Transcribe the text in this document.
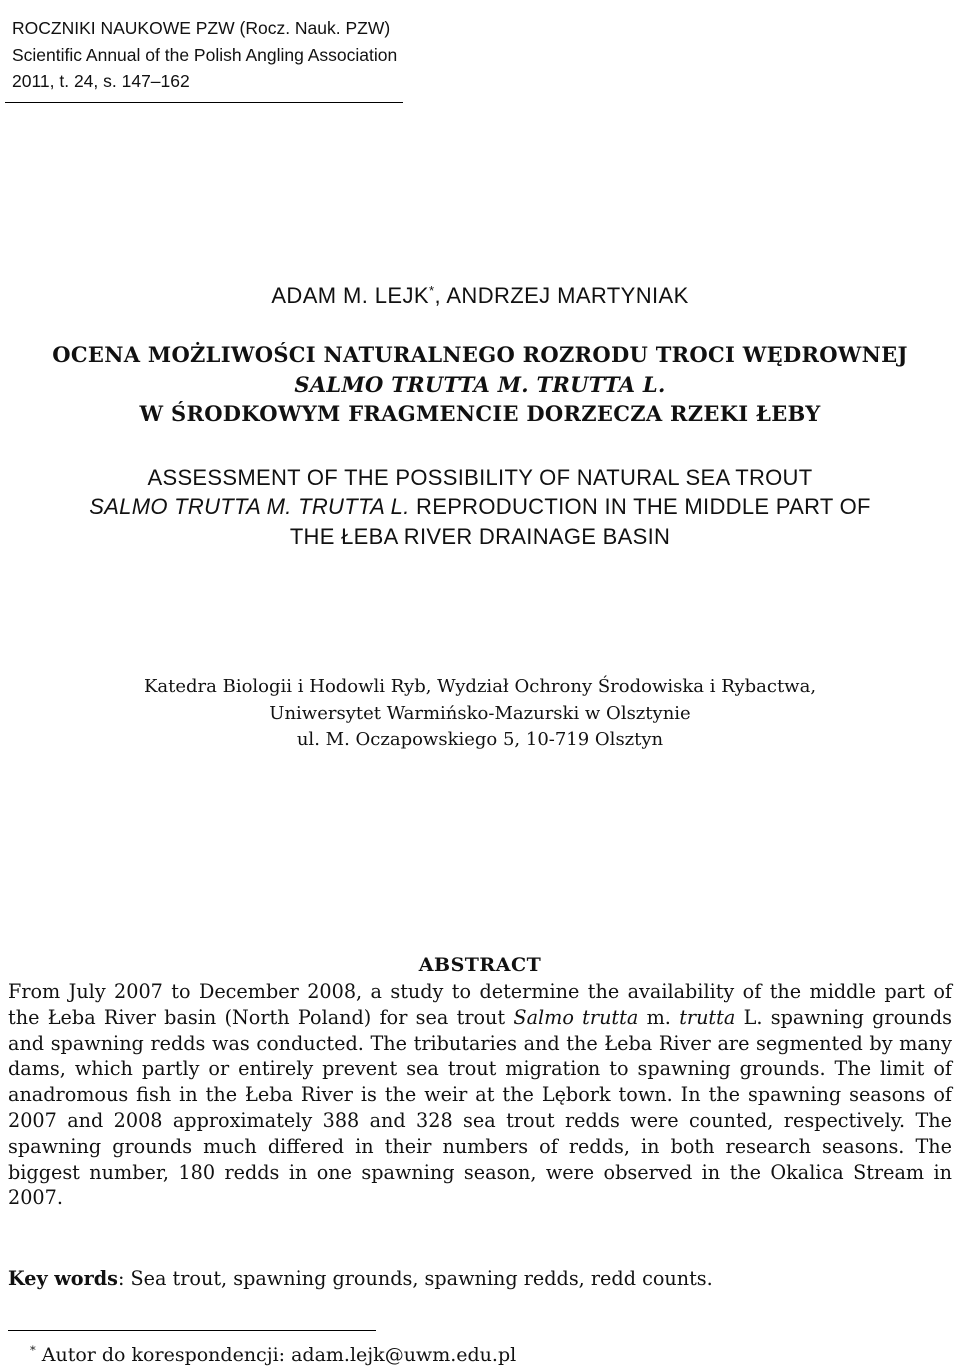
ROCZNIKI NAUKOWE PZW (Rocz. Nauk. PZW)
Scientific Annual of the Polish Angling Association
2011, t. 24, s. 147–162
ADAM M. LEJK*, ANDRZEJ MARTYNIAK
OCENA MOŻLIWOŚCI NATURALNEGO ROZRODU TROCI WĘDROWNEJ
SALMO TRUTTA M. TRUTTA L.
W ŚRODKOWYM FRAGMENCIE DORZECZA RZEKI ŁEBY
ASSESSMENT OF THE POSSIBILITY OF NATURAL SEA TROUT
SALMO TRUTTA M. TRUTTA L. REPRODUCTION IN THE MIDDLE PART OF
THE ŁEBA RIVER DRAINAGE BASIN
Katedra Biologii i Hodowli Ryb, Wydział Ochrony Środowiska i Rybactwa,
Uniwersytet Warmińsko-Mazurski w Olsztynie
ul. M. Oczapowskiego 5, 10-719 Olsztyn
ABSTRACT

From July 2007 to December 2008, a study to determine the availability of the middle part of the Łeba River basin (North Poland) for sea trout Salmo trutta m. trutta L. spawning grounds and spawning redds was conducted. The tributaries and the Łeba River are segmented by many dams, which partly or entirely prevent sea trout migration to spawning grounds. The limit of anadromous fish in the Łeba River is the weir at the Lębork town. In the spawning seasons of 2007 and 2008 approximately 388 and 328 sea trout redds were counted, respectively. The spawning grounds much differed in their numbers of redds, in both research seasons. The biggest number, 180 redds in one spawning season, were observed in the Okalica Stream in 2007.

Key words: Sea trout, spawning grounds, spawning redds, redd counts.
* Autor do korespondencji: adam.lejk@uwm.edu.pl
